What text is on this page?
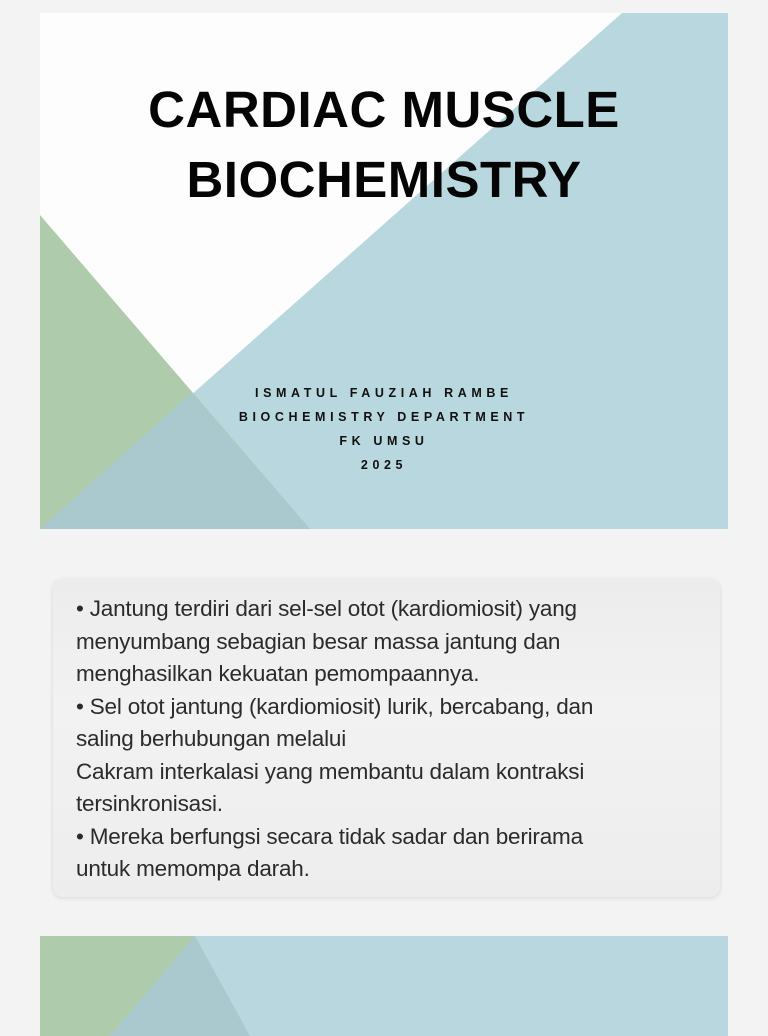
CARDIAC MUSCLE
BIOCHEMISTRY
ISMATUL FAUZIAH RAMBE
BIOCHEMISTRY DEPARTMENT
FK UMSU
2025

• Jantung terdiri dari sel-sel otot (kardiomiosit) yang
menyumbang sebagian besar massa jantung dan
menghasilkan kekuatan pemompaannya.
• Sel otot jantung (kardiomiosit) lurik, bercabang, dan
saling berhubungan melalui
Cakram interkalasi yang membantu dalam kontraksi
tersinkronisasi.
• Mereka berfungsi secara tidak sadar dan berirama
untuk memompa darah.
